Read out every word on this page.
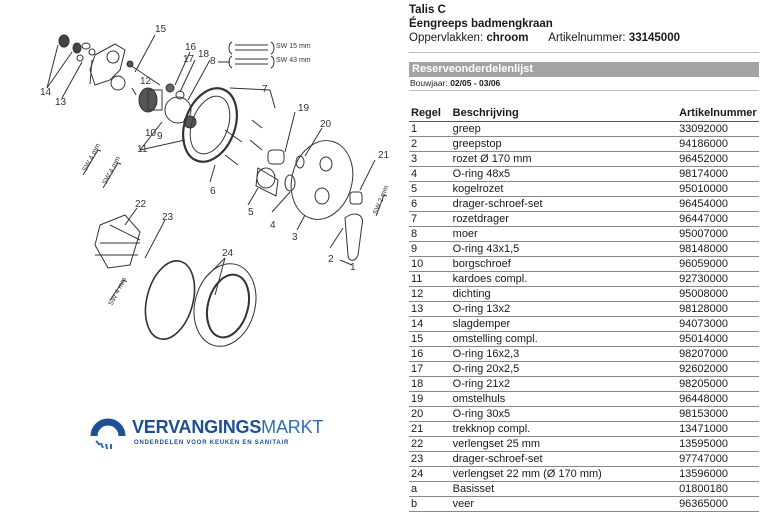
14
13
15
16
17 18
8
12
10 9
11
7
19
20
21
6
5
4
3
2
1
22
23
24
SW 15 mm
SW 43 mm
SW 4 mm SW 4 mm
SW 4 mm
SW 2 mm
VERVANGINGSMARKT
ONDERDELEN VOOR KEUKEN EN SANITAIR
Talis C
Éengreeps badmengkraan
Oppervlakken: chroom Artikelnummer: 33145000
Reserveonderdelenlijst
Bouwjaar: 02/05 - 03/06
Regel	Beschrijving	Artikelnummer
1	greep	33092000
2	greepstop	94186000
3	rozet Ø 170 mm	96452000
4	O-ring 48x5	98174000
5	kogelrozet	95010000
6	drager-schroef-set	96454000
7	rozetdrager	96447000
8	moer	95007000
9	O-ring 43x1,5	98148000
10	borgschroef	96059000
11	kardoes compl.	92730000
12	dichting	95008000
13	O-ring 13x2	98128000
14	slagdemper	94073000
15	omstelling compl.	95014000
16	O-ring 16x2,3	98207000
17	O-ring 20x2,5	92602000
18	O-ring 21x2	98205000
19	omstelhuls	96448000
20	O-ring 30x5	98153000
21	trekknop compl.	13471000
22	verlengset 25 mm	13595000
23	drager-schroef-set	97747000
24	verlengset 22 mm (Ø 170 mm)	13596000
a	Basisset	01800180
b	veer	96365000
